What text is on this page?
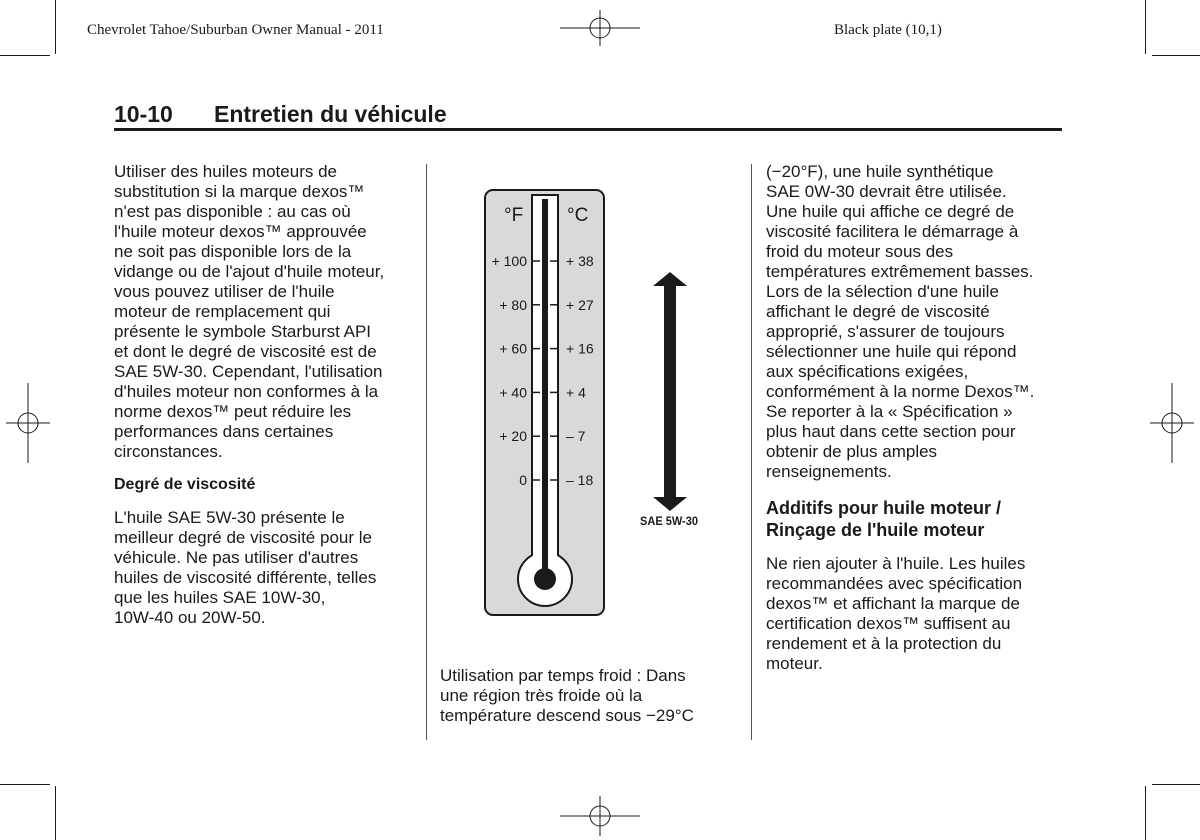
Chevrolet Tahoe/Suburban Owner Manual - 2011	Black plate (10,1)
10-10 Entretien du véhicule

Utiliser des huiles moteurs de
substitution si la marque dexos™
n'est pas disponible : au cas où
l'huile moteur dexos™ approuvée
ne soit pas disponible lors de la
vidange ou de l'ajout d'huile moteur,
vous pouvez utiliser de l'huile
moteur de remplacement qui
présente le symbole Starburst API
et dont le degré de viscosité est de
SAE 5W-30. Cependant, l'utilisation
d'huiles moteur non conformes à la
norme dexos™ peut réduire les
performances dans certaines
circonstances.

Degré de viscosité

L'huile SAE 5W-30 présente le
meilleur degré de viscosité pour le
véhicule. Ne pas utiliser d'autres
huiles de viscosité différente, telles
que les huiles SAE 10W-30,
10W-40 ou 20W-50.

°F °C
+ 100	+ 38
+ 80	+ 27
+ 60	+ 16
+ 40	+ 4
+ 20	– 7
0	– 18
SAE 5W-30
Utilisation par temps froid : Dans
une région très froide où la
température descend sous −29°C

(−20°F), une huile synthétique
SAE 0W-30 devrait être utilisée.
Une huile qui affiche ce degré de
viscosité facilitera le démarrage à
froid du moteur sous des
températures extrêmement basses.
Lors de la sélection d'une huile
affichant le degré de viscosité
approprié, s'assurer de toujours
sélectionner une huile qui répond
aux spécifications exigées,
conformément à la norme Dexos™.
Se reporter à la « Spécification »
plus haut dans cette section pour
obtenir de plus amples
renseignements.

Additifs pour huile moteur /
Rinçage de l'huile moteur

Ne rien ajouter à l'huile. Les huiles
recommandées avec spécification
dexos™ et affichant la marque de
certification dexos™ suffisent au
rendement et à la protection du
moteur.
